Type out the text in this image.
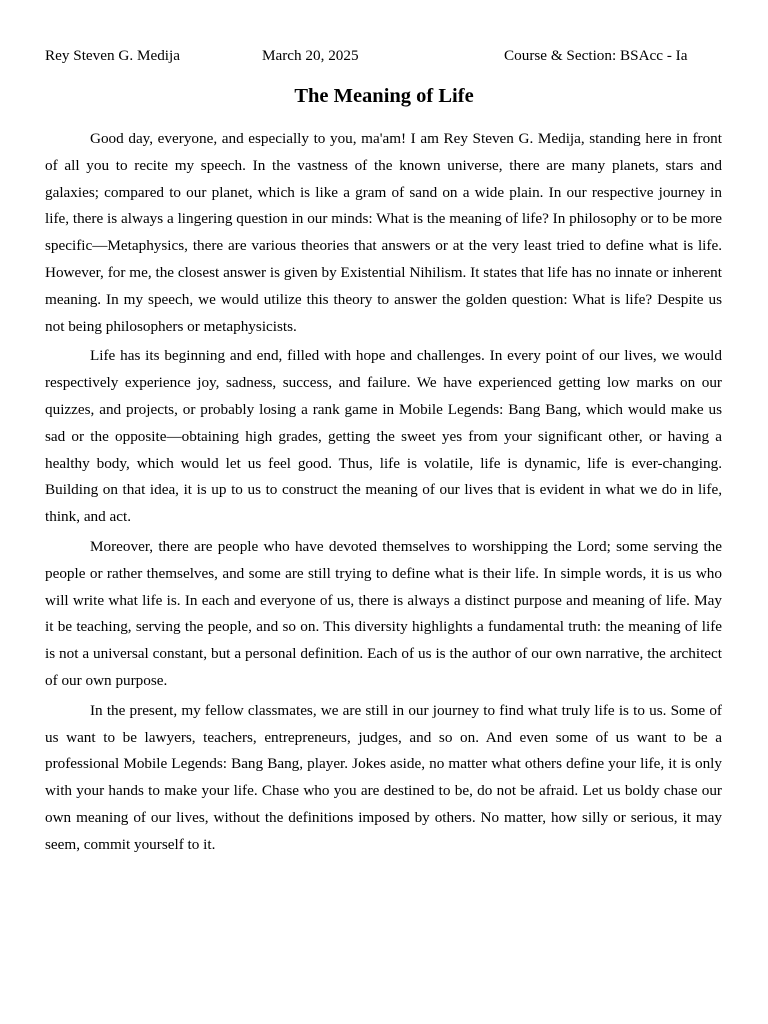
Rey Steven G. Medija	March 20, 2025	Course & Section: BSAcc - Ia
The Meaning of Life

Good day, everyone, and especially to you, ma'am! I am Rey Steven G. Medija, standing here in front of all you to recite my speech. In the vastness of the known universe, there are many planets, stars and galaxies; compared to our planet, which is like a gram of sand on a wide plain. In our respective journey in life, there is always a lingering question in our minds: What is the meaning of life? In philosophy or to be more specific—Metaphysics, there are various theories that answers or at the very least tried to define what is life. However, for me, the closest answer is given by Existential Nihilism. It states that life has no innate or inherent meaning. In my speech, we would utilize this theory to answer the golden question: What is life? Despite us not being philosophers or metaphysicists.

Life has its beginning and end, filled with hope and challenges. In every point of our lives, we would respectively experience joy, sadness, success, and failure. We have experienced getting low marks on our quizzes, and projects, or probably losing a rank game in Mobile Legends: Bang Bang, which would make us sad or the opposite—obtaining high grades, getting the sweet yes from your significant other, or having a healthy body, which would let us feel good. Thus, life is volatile, life is dynamic, life is ever-changing. Building on that idea, it is up to us to construct the meaning of our lives that is evident in what we do in life, think, and act.

Moreover, there are people who have devoted themselves to worshipping the Lord; some serving the people or rather themselves, and some are still trying to define what is their life. In simple words, it is us who will write what life is. In each and everyone of us, there is always a distinct purpose and meaning of life. May it be teaching, serving the people, and so on. This diversity highlights a fundamental truth: the meaning of life is not a universal constant, but a personal definition. Each of us is the author of our own narrative, the architect of our own purpose.

In the present, my fellow classmates, we are still in our journey to find what truly life is to us. Some of us want to be lawyers, teachers, entrepreneurs, judges, and so on. And even some of us want to be a professional Mobile Legends: Bang Bang, player. Jokes aside, no matter what others define your life, it is only with your hands to make your life. Chase who you are destined to be, do not be afraid. Let us boldy chase our own meaning of our lives, without the definitions imposed by others. No matter, how silly or serious, it may seem, commit yourself to it.
